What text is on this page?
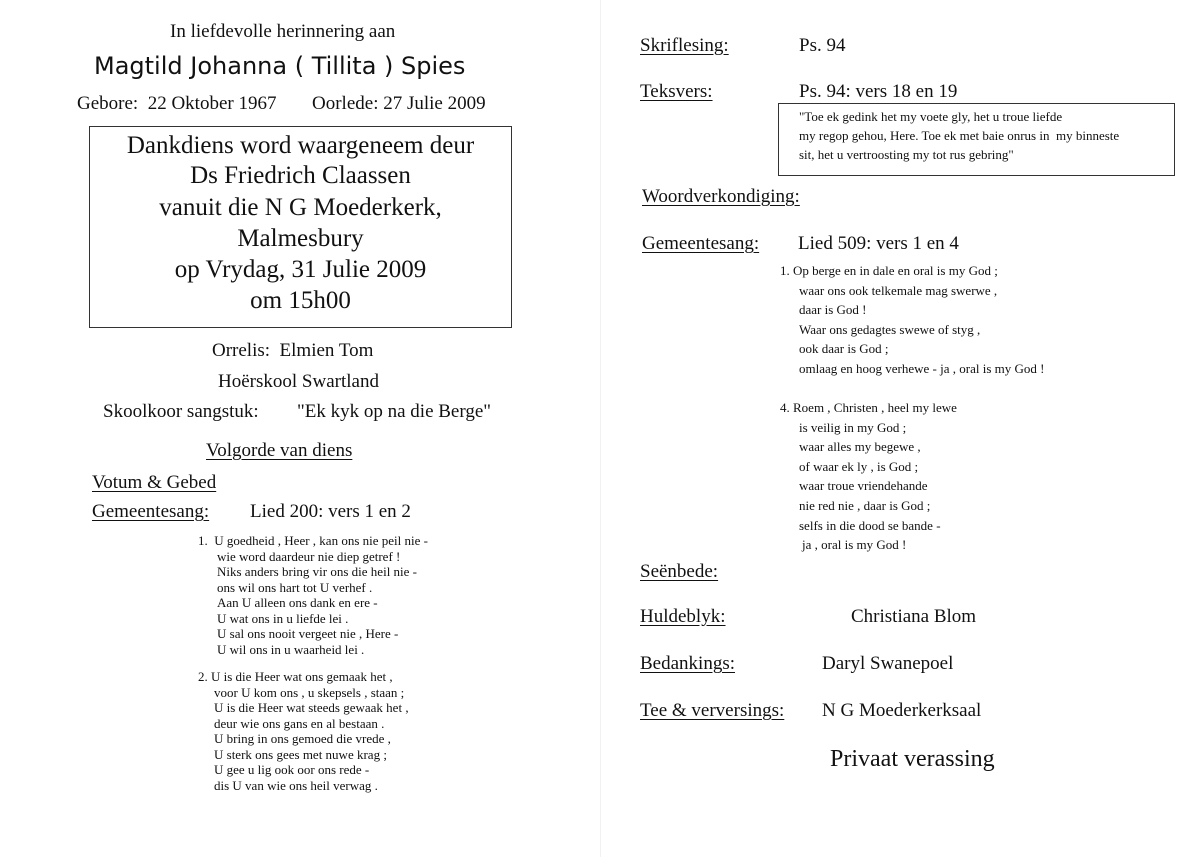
In liefdevolle herinnering aan
Magtild Johanna ( Tillita ) Spies
Gebore:  22 Oktober 1967 Oorlede: 27 Julie 2009
Dankdiens word waargeneem deur
Ds Friedrich Claassen
vanuit die N G Moederkerk,
Malmesbury
op Vrydag, 31 Julie 2009
om 15h00
Orrelis:  Elmien Tom
Hoërskool Swartland
Skoolkoor sangstuk: "Ek kyk op na die Berge"
Volgorde van diens
Votum & Gebed
Gemeentesang: Lied 200: vers 1 en 2
1.  U goedheid , Heer , kan ons nie peil nie -
wie word daardeur nie diep getref !
Niks anders bring vir ons die heil nie -
ons wil ons hart tot U verhef .
Aan U alleen ons dank en ere -
U wat ons in u liefde lei .
U sal ons nooit vergeet nie , Here -
U wil ons in u waarheid lei .
2. U is die Heer wat ons gemaak het ,
voor U kom ons , u skepsels , staan ;
U is die Heer wat steeds gewaak het ,
deur wie ons gans en al bestaan .
U bring in ons gemoed die vrede ,
U sterk ons gees met nuwe krag ;
U gee u lig ook oor ons rede -
dis U van wie ons heil verwag .
Skriflesing:	Ps. 94
Teksvers:	Ps. 94: vers 18 en 19
"Toe ek gedink het my voete gly, het u troue liefde
my regop gehou, Here. Toe ek met baie onrus in  my binneste
sit, het u vertroosting my tot rus gebring"
Woordverkondiging:
Gemeentesang: Lied 509: vers 1 en 4
1. Op berge en in dale en oral is my God ;
waar ons ook telkemale mag swerwe ,
daar is God !
Waar ons gedagtes swewe of styg ,
ook daar is God ;
omlaag en hoog verhewe - ja , oral is my God !
4. Roem , Christen , heel my lewe
is veilig in my God ;
waar alles my begewe ,
of waar ek ly , is God ;
waar troue vriendehande
nie red nie , daar is God ;
selfs in die dood se bande -
ja , oral is my God !
Seënbede:
Huldeblyk:	Christiana Blom
Bedankings:	Daryl Swanepoel
Tee & verversings: N G Moederkerksaal
Privaat verassing
